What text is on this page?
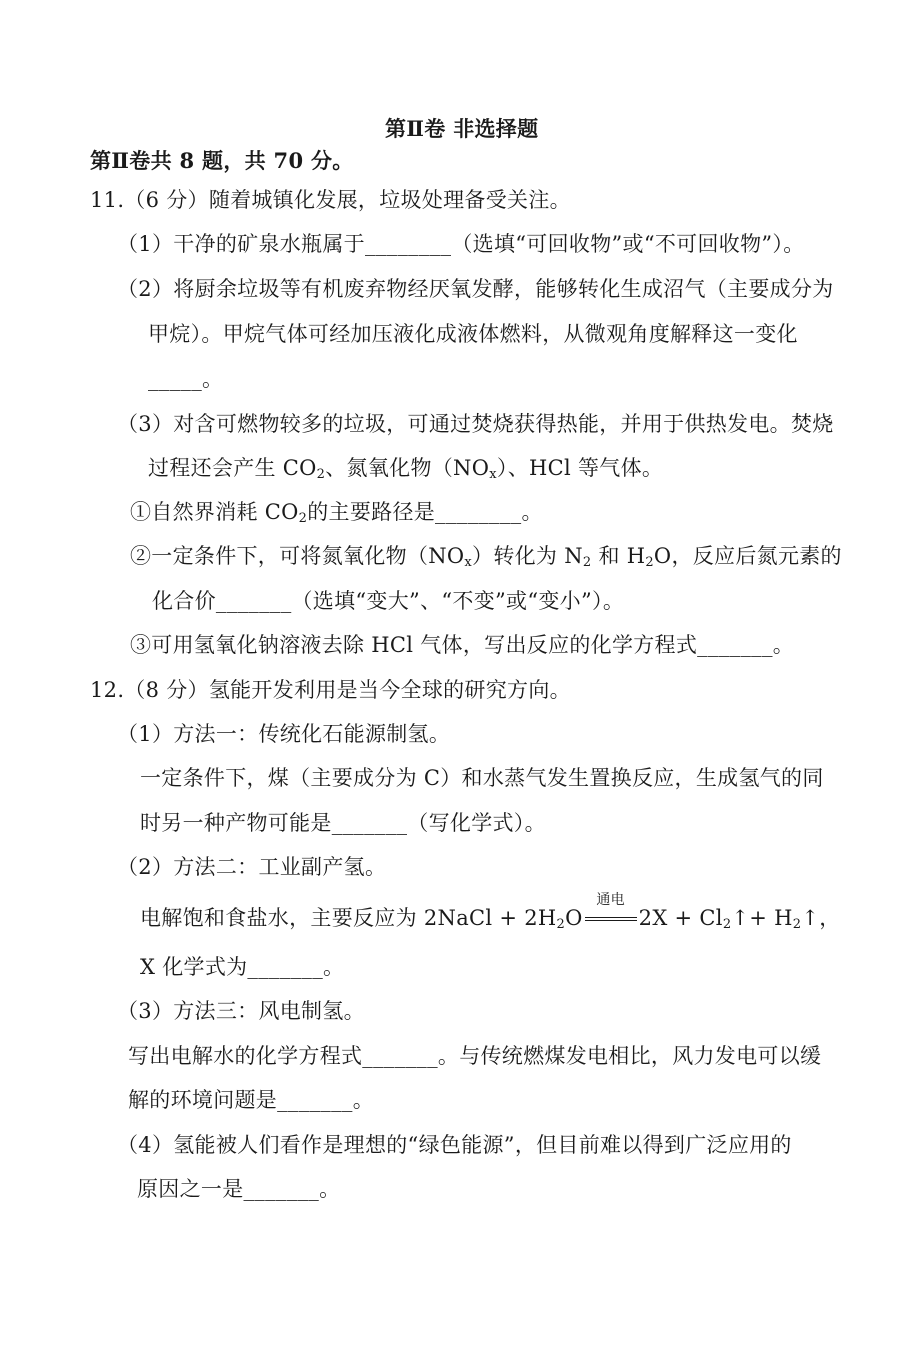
第Ⅱ卷 非选择题
第Ⅱ卷共 8 题，共 70 分。
11.（6 分）随着城镇化发展，垃圾处理备受关注。
（1）干净的矿泉水瓶属于________（选填“可回收物”或“不可回收物”）。
（2）将厨余垃圾等有机废弃物经厌氧发酵，能够转化生成沼气（主要成分为
甲烷）。甲烷气体可经加压液化成液体燃料，从微观角度解释这一变化
_____。
（3）对含可燃物较多的垃圾，可通过焚烧获得热能，并用于供热发电。焚烧
过程还会产生 $CO_2$、氮氧化物$(NO_x)$、HCl 等气体。
①自然界消耗 $CO_2$的主要路径是________。
②一定条件下，可将氮氧化物$(NO_x)$转化为 $N_2$ 和 $H_2O$，反应后氮元素的
化合价_______（选填“变大”、“不变”或“变小”）。
③可用氢氧化钠溶液去除 HCl 气体，写出反应的化学方程式_______。
12.（8 分）氢能开发利用是当今全球的研究方向。
（1）方法一：传统化石能源制氢。
一定条件下，煤（主要成分为 C）和水蒸气发生置换反应，生成氢气的同
时另一种产物可能是_______（写化学式）。
（2）方法二：工业副产氢。
电解饱和食盐水，主要反应为 2NaCl + $2H_2O$
通电
$2X + Cl_2↑+$ $H_2↑$，
X 化学式为_______。
（3）方法三：风电制氢。
写出电解水的化学方程式_______。与传统燃煤发电相比，风力发电可以缓
解的环境问题是_______。
（4）氢能被人们看作是理想的“绿色能源”，但目前难以得到广泛应用的
原因之一是_______。
